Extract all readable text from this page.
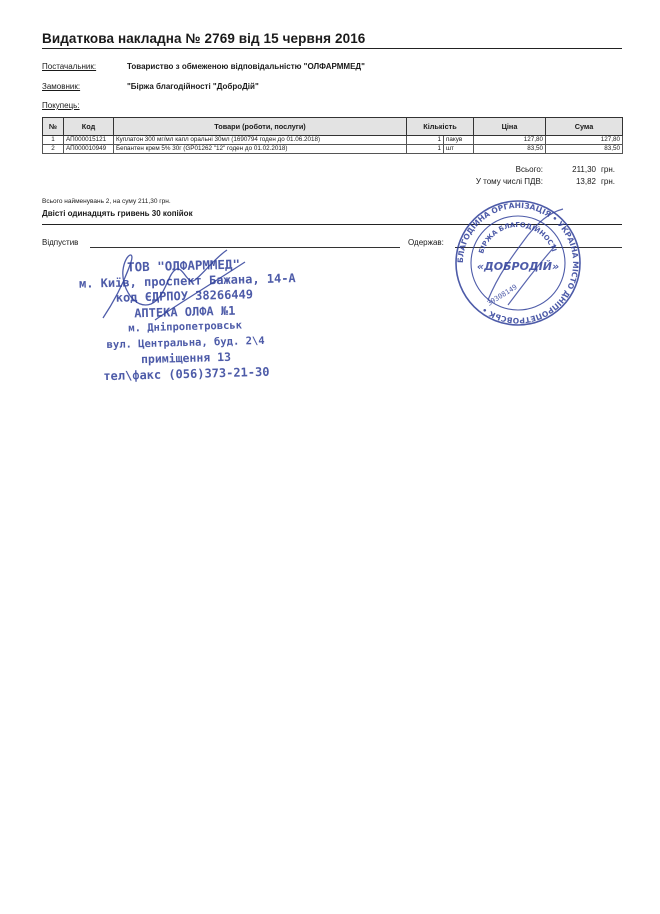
Видаткова накладна № 2769 від 15 червня 2016
Постачальник:	Товариство з обмеженою відповідальністю "ОЛФАРММЕД"
Замовник:	"Біржа благодійності "ДоброДій"
Покупець:
№	Код	Товари (роботи, послуги)	Кількість		Ціна	Сума
1	АП000015121	Куплатон 300 мг/мл капл оральні 30мл (1690794 годен до 01.06.2018)	1	пакув	127,80	127,80
2	АП000010949	Бепантен крем 5% 30г (GP01262 "12" годен до 01.02.2018)	1	шт	83,50	83,50
Всього:	211,30 грн.
У тому числі ПДВ:	13,82 грн.
Всього найменувань 2, на суму 211,30 грн.
Двісті одинадцять гривень 30 копійок
Відпустив	Одержав:
ТОВ "ОЛФАРММЕД"
м. Київ, проспект Бажана, 14-А
код ЄДРПОУ 38266449
АПТЕКА ОЛФА №1
м. Дніпропетровськ
вул. Центральна, буд. 2\4
приміщення 13
тел\факс (056)373-21-30
БЛАГОДІЙНА ОРГАНІЗАЦІЯ • УКРАЇНА МІСТО ДНІПРОПЕТРОВСЬК •
БІРЖА БЛАГОДІЙНОСТІ
«ДОБРОДІЙ»
39308149
